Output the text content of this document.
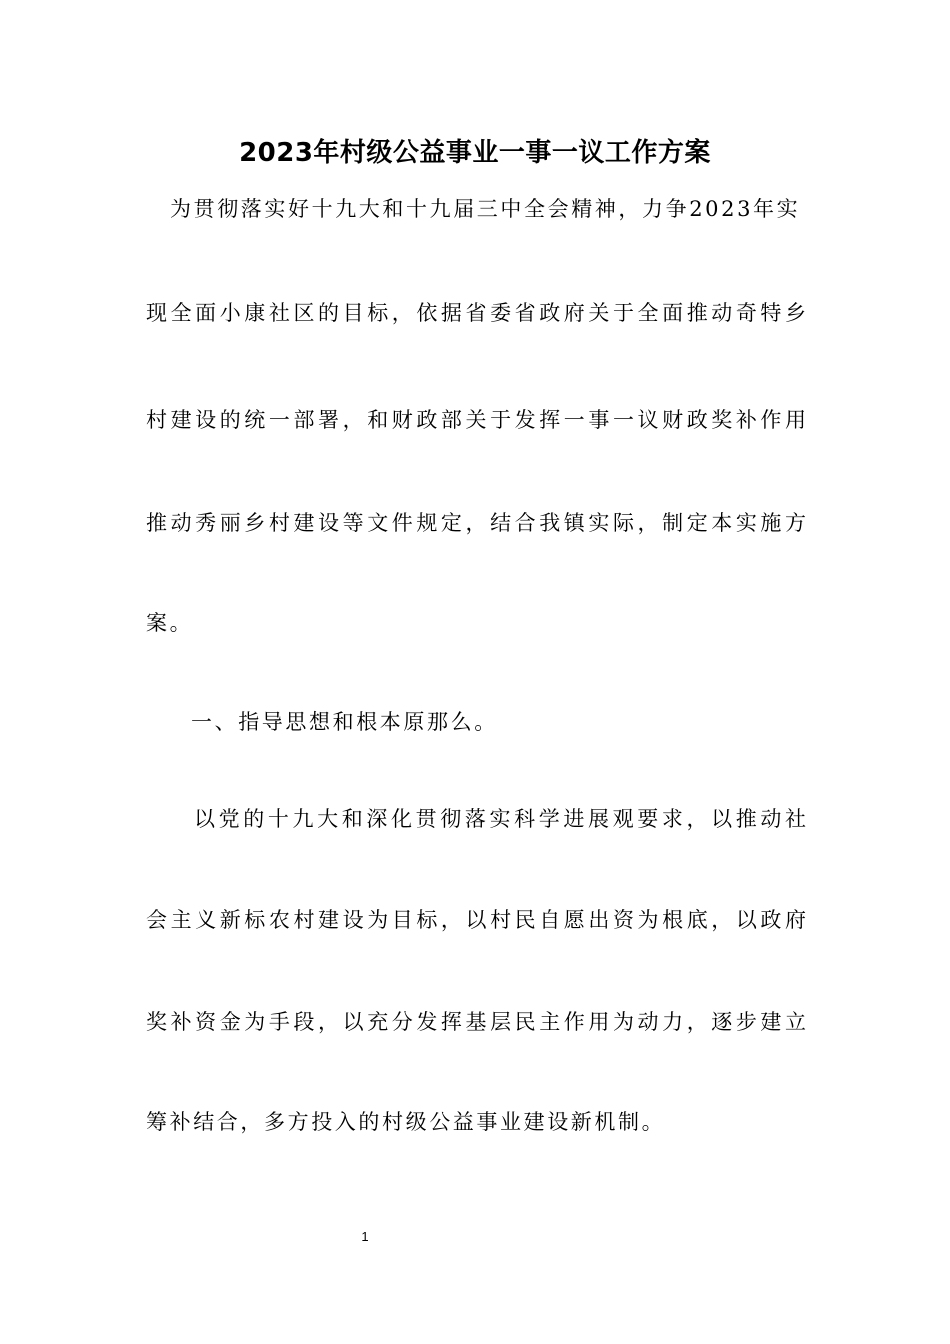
2023年村级公益事业一事一议工作方案
为贯彻落实好十九大和十九届三中全会精神，力争2023年实
现全面小康社区的目标，依据省委省政府关于全面推动奇特乡
村建设的统一部署，和财政部关于发挥一事一议财政奖补作用
推动秀丽乡村建设等文件规定，结合我镇实际，制定本实施方
案。
一、指导思想和根本原那么。
以党的十九大和深化贯彻落实科学进展观要求，以推动社
会主义新标农村建设为目标，以村民自愿出资为根底，以政府
奖补资金为手段，以充分发挥基层民主作用为动力，逐步建立
筹补结合，多方投入的村级公益事业建设新机制。
1
